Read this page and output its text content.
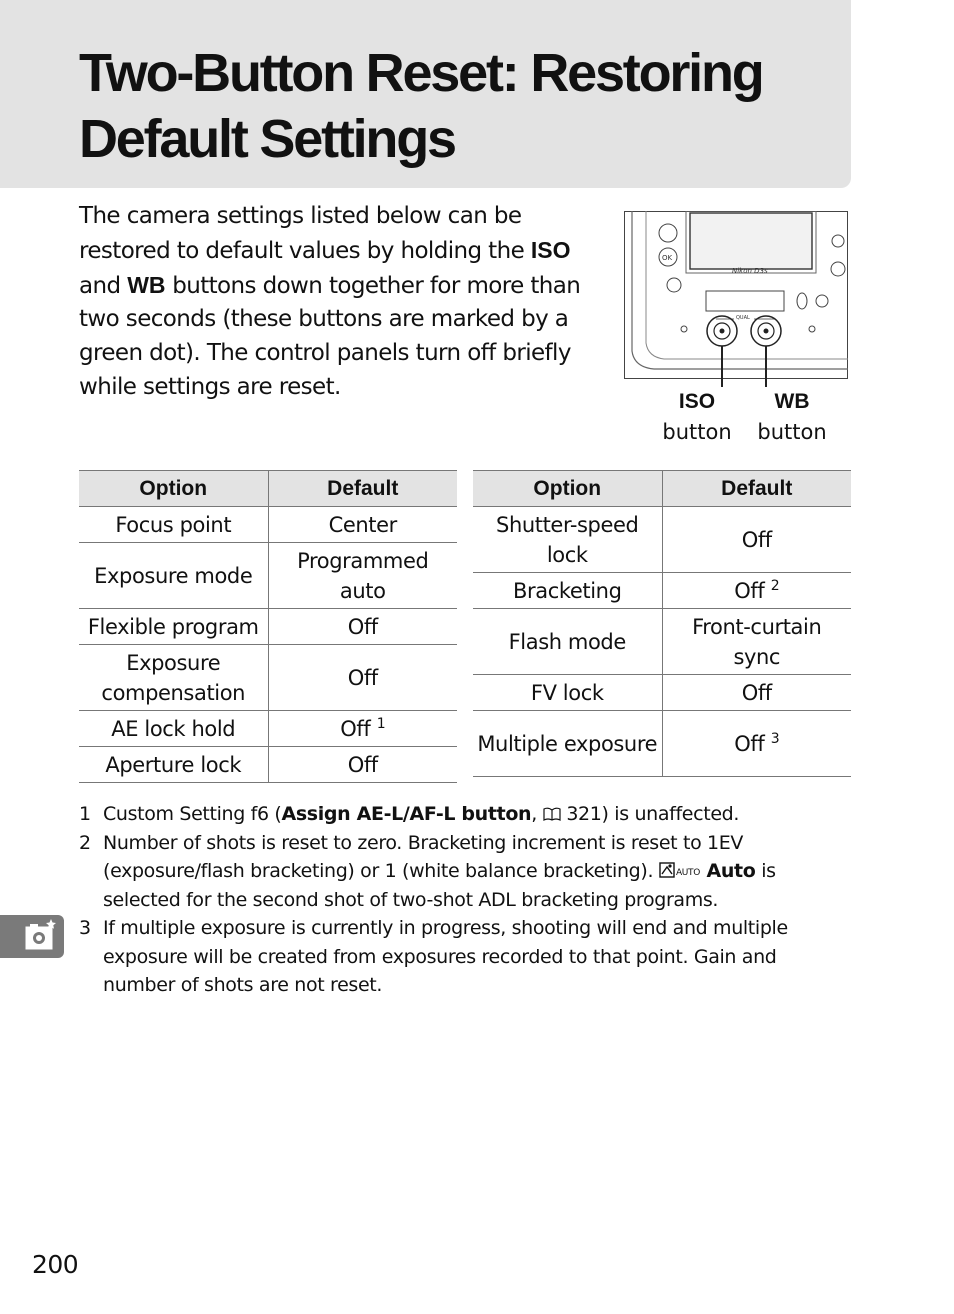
Two-Button Reset: Restoring
Default Settings

The camera settings listed below can be restored to default values by holding the ISO and WB buttons down together for more than two seconds (these buttons are marked by a green dot). The control panels turn off briefly while settings are reset.

Nikon D3s
OK
QUAL
ISO
button
WB
button
Option	Default
Focus point	Center
Exposure mode	Programmed auto
Flexible program	Off
Exposure compensation	Off
AE lock hold	Off $^1$
Aperture lock	Off
Option	Default
Shutter-speed lock	Off
Bracketing	Off $^2$
Flash mode	Front-curtain sync
FV lock	Off
Multiple exposure	Off $^3$
1 Custom Setting f6 (Assign AE-L/AF-L button,  321) is unaffected.
2 Number of shots is reset to zero. Bracketing increment is reset to 1EV (exposure/flash bracketing) or 1 (white balance bracketing). AUTO Auto is selected for the second shot of two-shot ADL bracketing programs.
3 If multiple exposure is currently in progress, shooting will end and multiple exposure will be created from exposures recorded to that point. Gain and number of shots are not reset.
200
